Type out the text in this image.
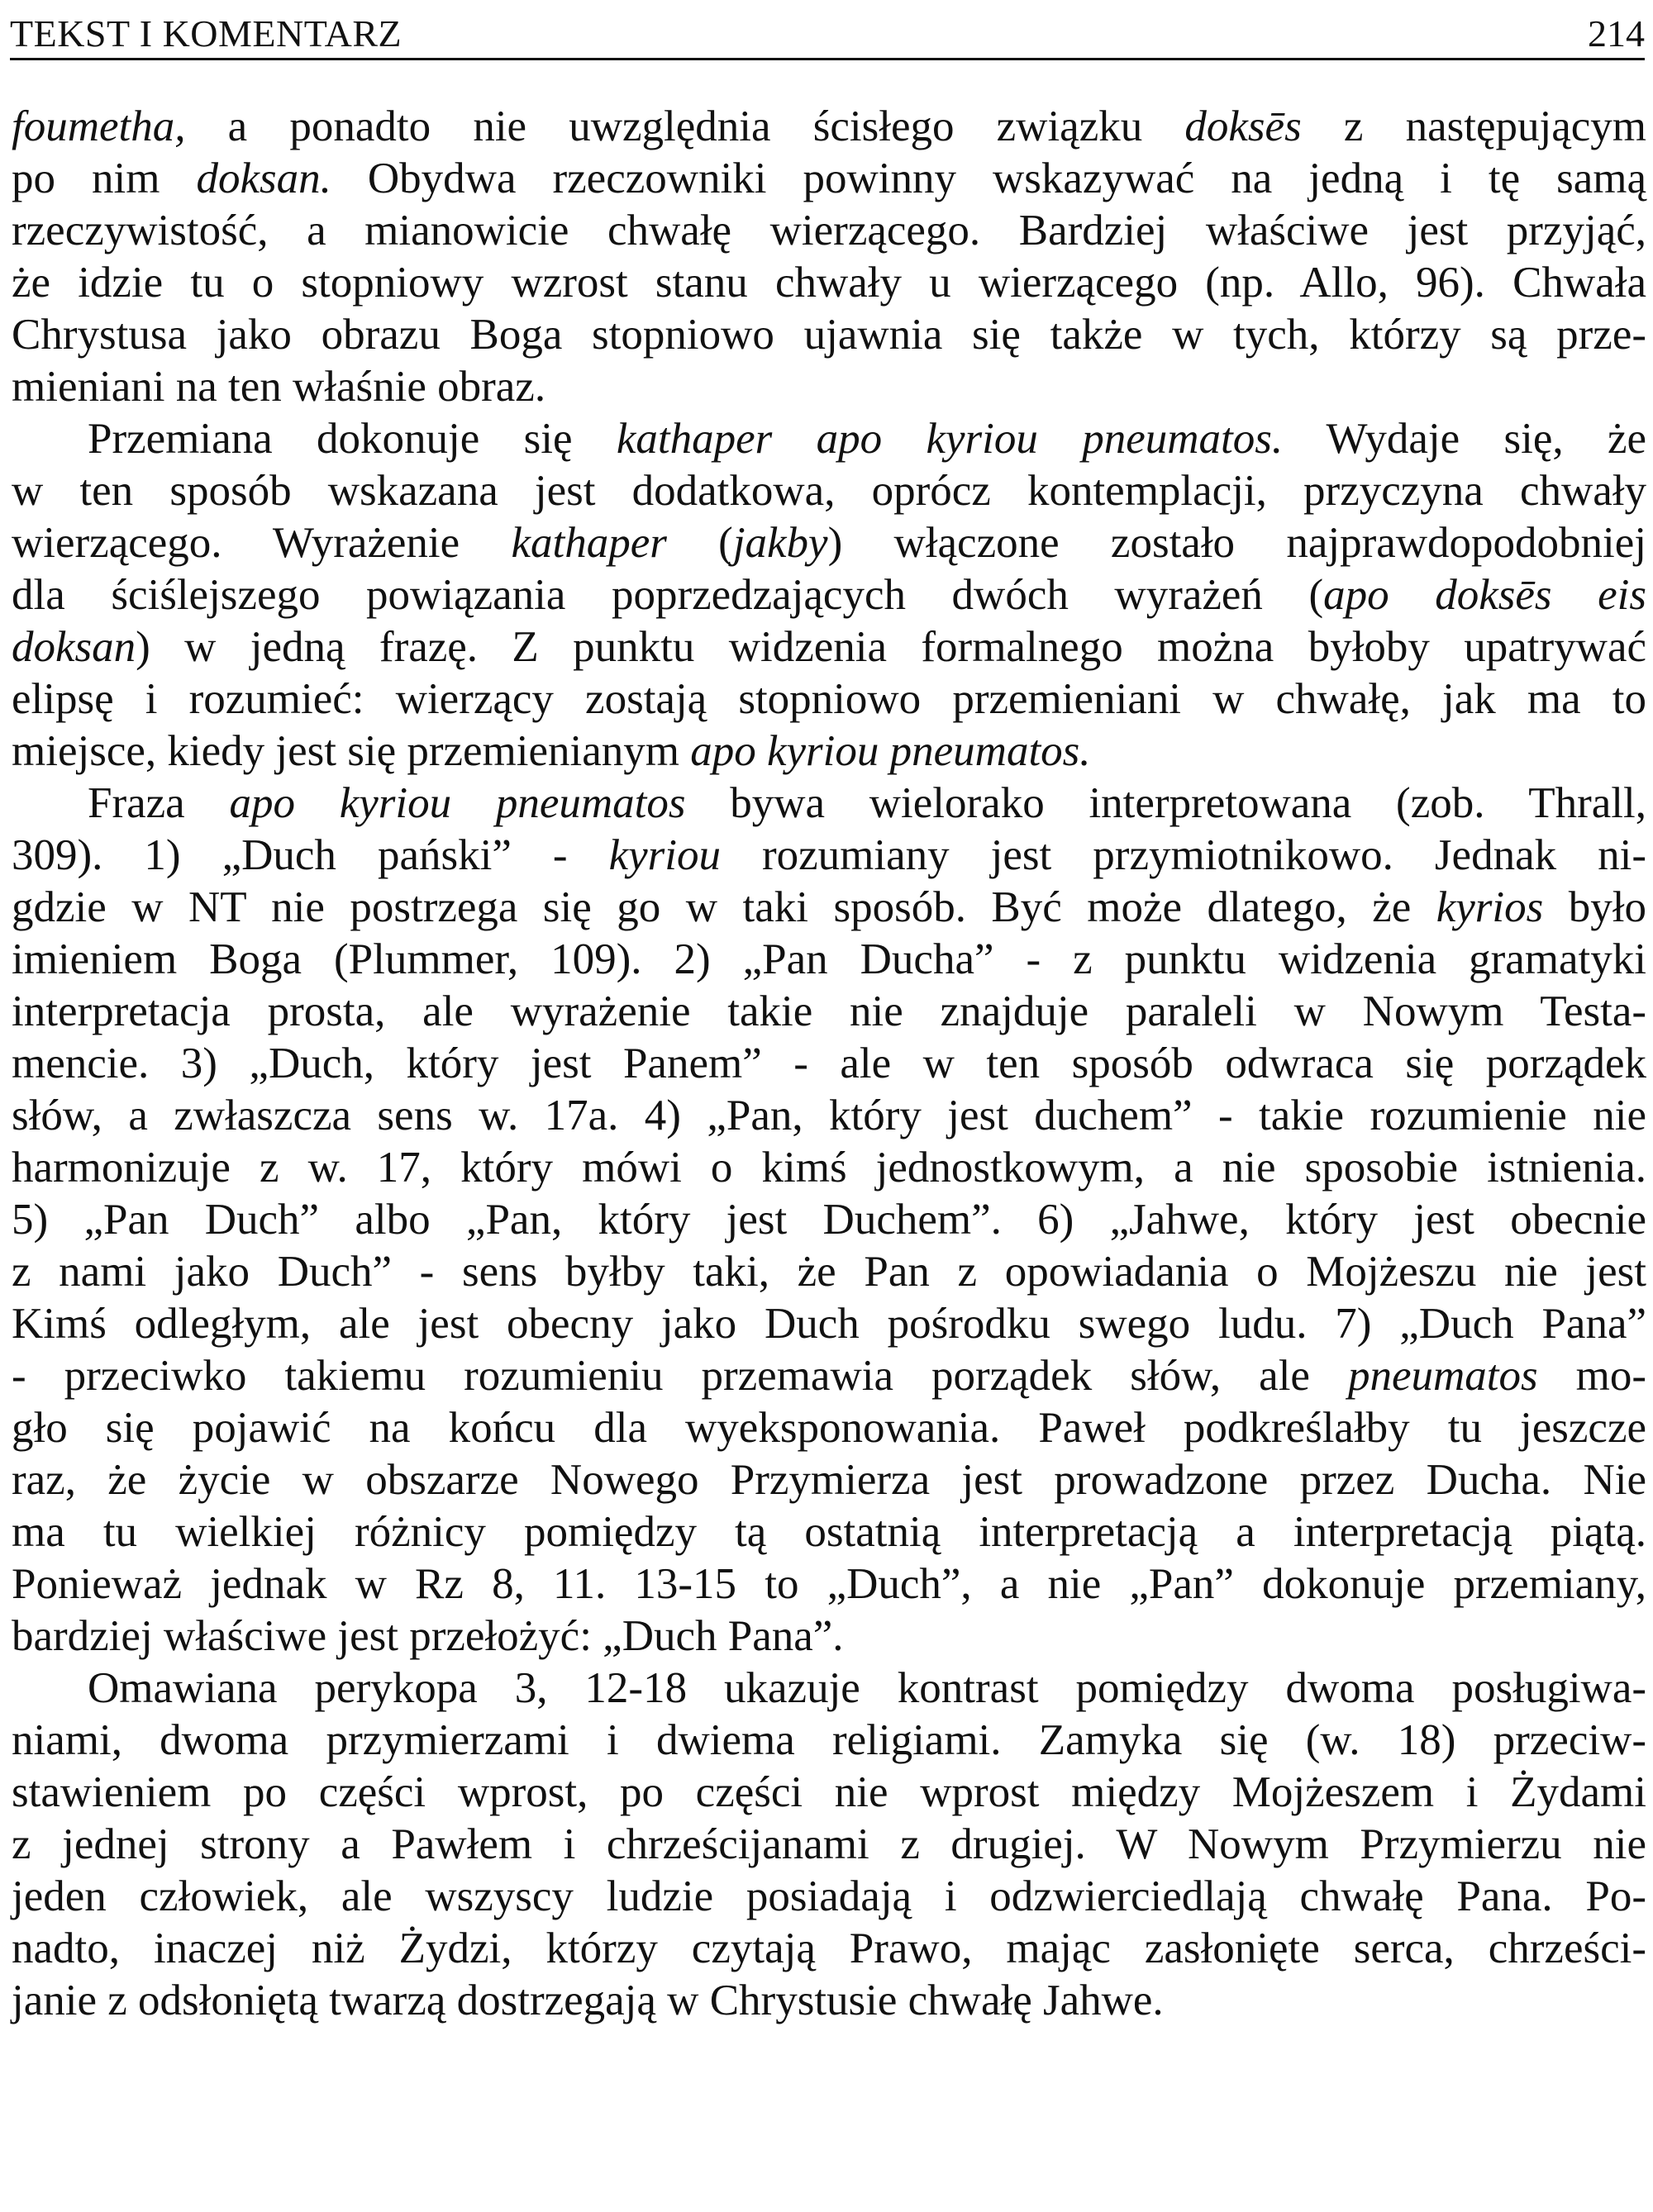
TEKST I KOMENTARZ	214
foumetha, a ponadto nie uwzględnia ścisłego związku doksēs z następującym
po nim doksan. Obydwa rzeczowniki powinny wskazywać na jedną i tę samą
rzeczywistość, a mianowicie chwałę wierzącego. Bardziej właściwe jest przyjąć,
że idzie tu o stopniowy wzrost stanu chwały u wierzącego (np. Allo, 96). Chwała
Chrystusa jako obrazu Boga stopniowo ujawnia się także w tych, którzy są prze-
mieniani na ten właśnie obraz.
Przemiana dokonuje się kathaper apo kyriou pneumatos. Wydaje się, że
w ten sposób wskazana jest dodatkowa, oprócz kontemplacji, przyczyna chwały
wierzącego. Wyrażenie kathaper (jakby) włączone zostało najprawdopodobniej
dla ściślejszego powiązania poprzedzających dwóch wyrażeń (apo doksēs eis
doksan) w jedną frazę. Z punktu widzenia formalnego można byłoby upatrywać
elipsę i rozumieć: wierzący zostają stopniowo przemieniani w chwałę, jak ma to
miejsce, kiedy jest się przemienianym apo kyriou pneumatos.
Fraza apo kyriou pneumatos bywa wielorako interpretowana (zob. Thrall,
309). 1) „Duch pański” - kyriou rozumiany jest przymiotnikowo. Jednak ni-
gdzie w NT nie postrzega się go w taki sposób. Być może dlatego, że kyrios było
imieniem Boga (Plummer, 109). 2) „Pan Ducha” - z punktu widzenia gramatyki
interpretacja prosta, ale wyrażenie takie nie znajduje paraleli w Nowym Testa-
mencie. 3) „Duch, który jest Panem” - ale w ten sposób odwraca się porządek
słów, a zwłaszcza sens w. 17a. 4) „Pan, który jest duchem” - takie rozumienie nie
harmonizuje z w. 17, który mówi o kimś jednostkowym, a nie sposobie istnienia.
5) „Pan Duch” albo „Pan, który jest Duchem”. 6) „Jahwe, który jest obecnie
z nami jako Duch” - sens byłby taki, że Pan z opowiadania o Mojżeszu nie jest
Kimś odległym, ale jest obecny jako Duch pośrodku swego ludu. 7) „Duch Pana”
- przeciwko takiemu rozumieniu przemawia porządek słów, ale pneumatos mo-
gło się pojawić na końcu dla wyeksponowania. Paweł podkreślałby tu jeszcze
raz, że życie w obszarze Nowego Przymierza jest prowadzone przez Ducha. Nie
ma tu wielkiej różnicy pomiędzy tą ostatnią interpretacją a interpretacją piątą.
Ponieważ jednak w Rz 8, 11. 13-15 to „Duch”, a nie „Pan” dokonuje przemiany,
bardziej właściwe jest przełożyć: „Duch Pana”.
Omawiana perykopa 3, 12-18 ukazuje kontrast pomiędzy dwoma posługiwa-
niami, dwoma przymierzami i dwiema religiami. Zamyka się (w. 18) przeciw-
stawieniem po części wprost, po części nie wprost między Mojżeszem i Żydami
z jednej strony a Pawłem i chrześcijanami z drugiej. W Nowym Przymierzu nie
jeden człowiek, ale wszyscy ludzie posiadają i odzwierciedlają chwałę Pana. Po-
nadto, inaczej niż Żydzi, którzy czytają Prawo, mając zasłonięte serca, chrześci-
janie z odsłoniętą twarzą dostrzegają w Chrystusie chwałę Jahwe.
